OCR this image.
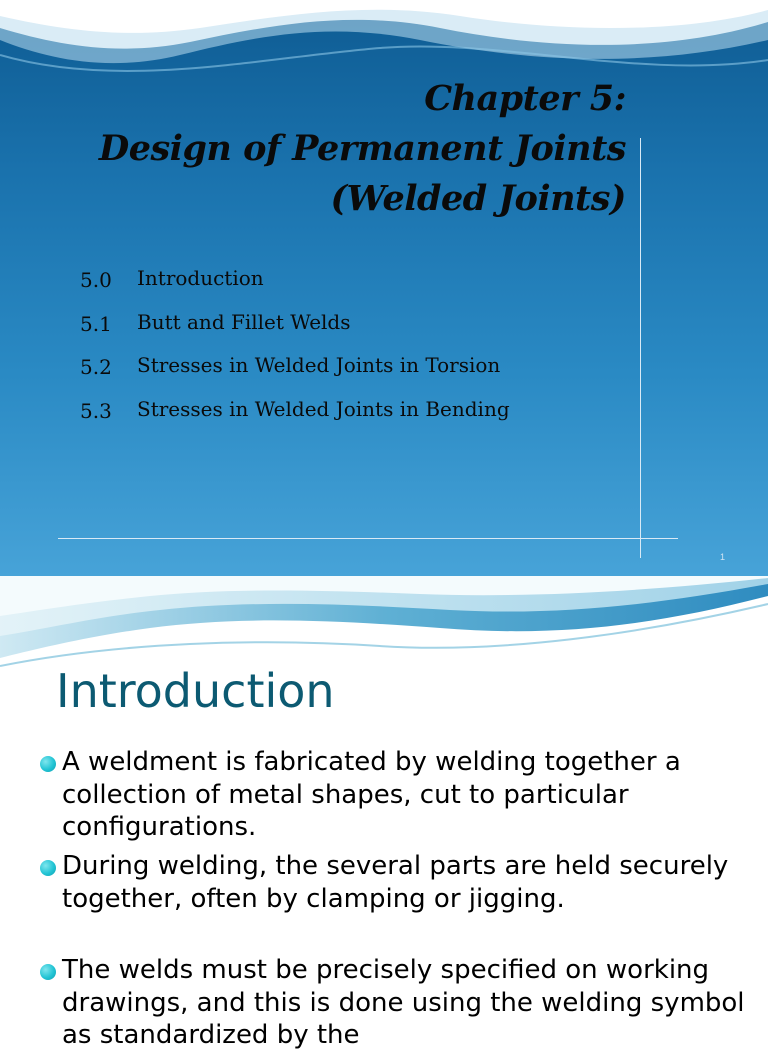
Chapter 5:
Design of Permanent Joints
(Welded Joints)
5.0 Introduction
5.1 Butt and Fillet Welds
5.2 Stresses in Welded Joints in Torsion
5.3 Stresses in Welded Joints in Bending
1
Introduction
A weldment is fabricated by welding together a collection of metal shapes, cut to particular configurations.
During welding, the several parts are held securely together, often by clamping or jigging.
The welds must be precisely specified on working drawings, and this is done using the welding symbol as standardized by the
